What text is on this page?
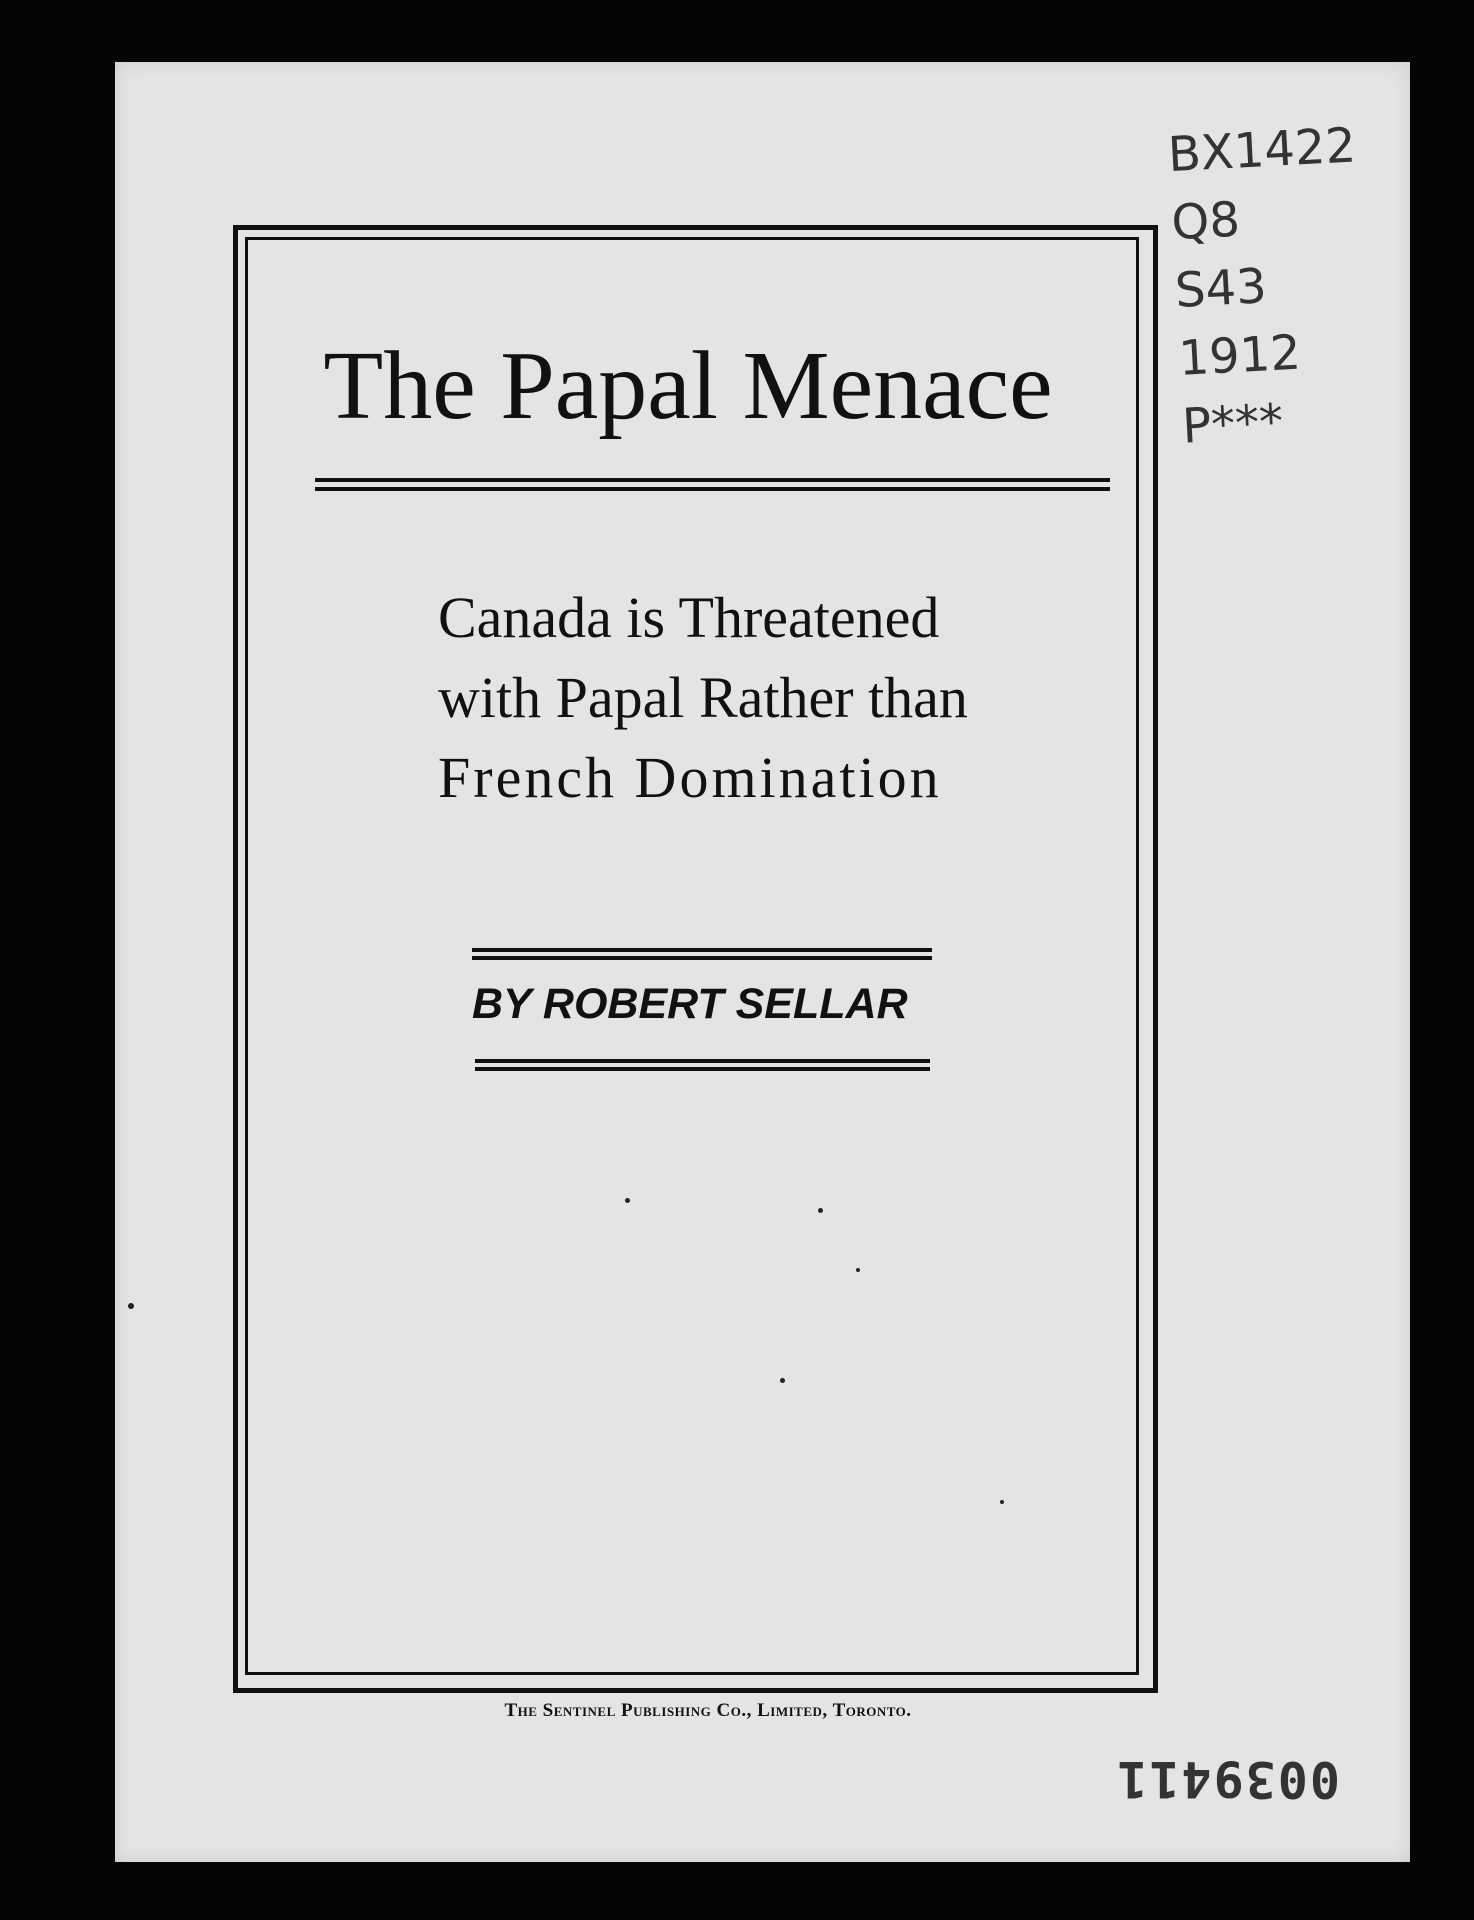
The Papal Menace
Canada is Threatened
with Papal Rather than
French Domination
BY ROBERT SELLAR
The Sentinel Publishing Co., Limited, Toronto.
BX1422
Q8
S43
1912
P***
0039411
